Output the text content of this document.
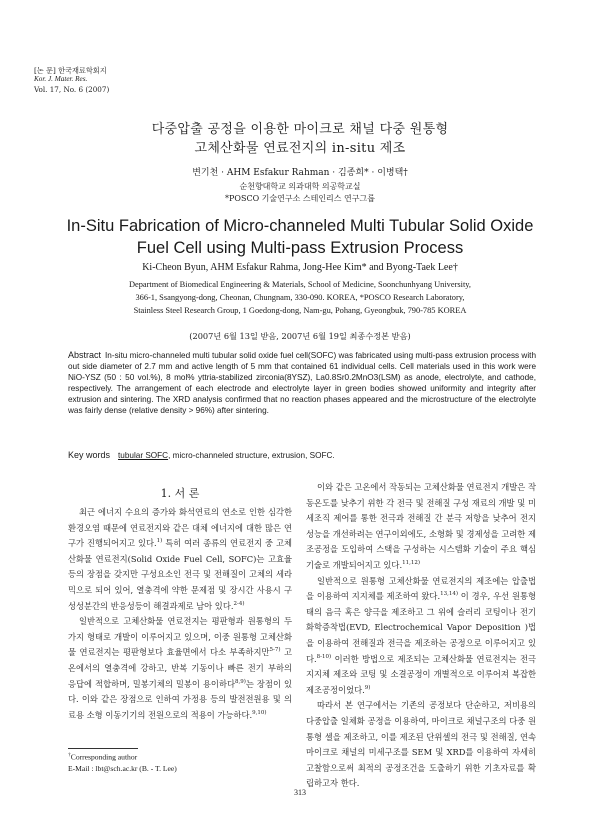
[논 문] 한국재료학회지
Kor. J. Mater. Res.
Vol. 17, No. 6 (2007)
다중압출 공정을 이용한 마이크로 채널 다중 원통형
고체산화물 연료전지의 in-situ 제조
변기천 · AHM Esfakur Rahman · 김종희* · 이병택†
순천향대학교 의과대학 의공학교실
*POSCO 기술연구소 스테인리스 연구그룹
In-Situ Fabrication of Micro-channeled Multi Tubular Solid Oxide
Fuel Cell using Multi-pass Extrusion Process
Ki-Cheon Byun, AHM Esfakur Rahma, Jong-Hee Kim* and Byong-Taek Lee†
Department of Biomedical Engineering & Materials, School of Medicine, Soonchunhyang University,
366-1, Ssangyong-dong, Cheonan, Chungnam, 330-090. KOREA, *POSCO Research Laboratory,
Stainless Steel Research Group, 1 Goedong-dong, Nam-gu, Pohang, Gyeongbuk, 790-785 KOREA
(2007년 6월 13일 받음, 2007년 6월 19일 최종수정본 받음)
Abstract In-situ micro-channeled multi tubular solid oxide fuel cell(SOFC) was fabricated using multi-pass extrusion process with out side diameter of 2.7 mm and active length of 5 mm that contained 61 individual cells. Cell materials used in this work were NiO-YSZ (50 : 50 vol.%), 8 mol% yttria-stabilized zirconia(8YSZ), La0.8Sr0.2MnO3(LSM) as anode, electrolyte, and cathode, respectively. The arrangement of each electrode and electrolyte layer in green bodies showed uniformity and integrity after extrusion and sintering. The XRD analysis confirmed that no reaction phases appeared and the microstructure of the electrolyte was fairly dense (relative density > 96%) after sintering.
Key words tubular SOFC, micro-channeled structure, extrusion, SOFC.
1. 서 론

최근 에너지 수요의 증가와 화석연료의 연소로 인한 심각한 환경오염 때문에 연료전지와 같은 대체 에너지에 대한 많은 연구가 진행되어지고 있다.$^{1)}$ 특히 여러 종류의 연료전지 중 고체산화물 연료전지(Solid Oxide Fuel Cell, SOFC)는 고효율등의 장점을 갖지만 구성요소인 전극 및 전해질이 고체의 세라믹으로 되어 있어, 열충격에 약한 문제점 및 장시간 사용시 구성성분간의 반응성등이 해결과제로 남아 있다.$^{2-4)}$

일반적으로 고체산화물 연료전지는 평판형과 원통형의 두 가지 형태로 개발이 이루어지고 있으며, 이중 원통형 고체산화물 연료전지는 평판형보다 효율면에서 다소 부족하지만$^{5-7)}$ 고온에서의 열충격에 강하고, 반복 기동이나 빠른 전기 부하의 응답에 적합하며, 밀봉기체의 밀봉이 용이하다$^{8,9)}$는 장점이 있다. 이와 같은 장점으로 인하여 가정용 등의 발전전원용 및 의료용 소형 이동기기의 전원으로의 적용이 가능하다.$^{9,10)}$

이와 같은 고온에서 작동되는 고체산화물 연료전지 개발은 작동온도를 낮추기 위한 각 전극 및 전해질 구성 재료의 개발 및 미세조직 제어를 통한 전극과 전해질 간 분극 저항을 낮추어 전지 성능을 개선하려는 연구이외에도, 소형화 및 경제성을 고려한 제조공정을 도입하여 스택을 구성하는 시스템화 기술이 주요 핵심기술로 개발되어지고 있다.$^{11,12)}$

일반적으로 원통형 고체산화물 연료전지의 제조에는 압출법을 이용하여 지지체를 제조하여 왔다.$^{13,14)}$ 이 경우, 우선 원통형태의 음극 혹은 양극을 제조하고 그 위에 슬러리 코팅이나 전기화학증착법(EVD, Electrochemical Vapor Deposition )법을 이용하여 전해질과 전극을 제조하는 공정으로 이루어지고 있다.$^{8-10)}$ 이러한 방법으로 제조되는 고체산화물 연료전지는 전극 지지체 제조와 코팅 및 소결공정이 개별적으로 이루어져 복잡한 제조공정이었다.$^{9)}$

따라서 본 연구에서는 기존의 공정보다 단순하고, 저비용의 다중압출 일체화 공정을 이용하여, 마이크로 채널구조의 다중 원통형 셀을 제조하고, 이를 제조된 단위셀의 전극 및 전해질, 연속 마이크로 채널의 미세구조를 SEM 및 XRD를 이용하여 자세히 고찰함으로써 최적의 공정조건을 도출하기 위한 기초자료를 확립하고자 한다.

†Corresponding author
E-Mail : lbt@sch.ac.kr (B. - T. Lee)
313
